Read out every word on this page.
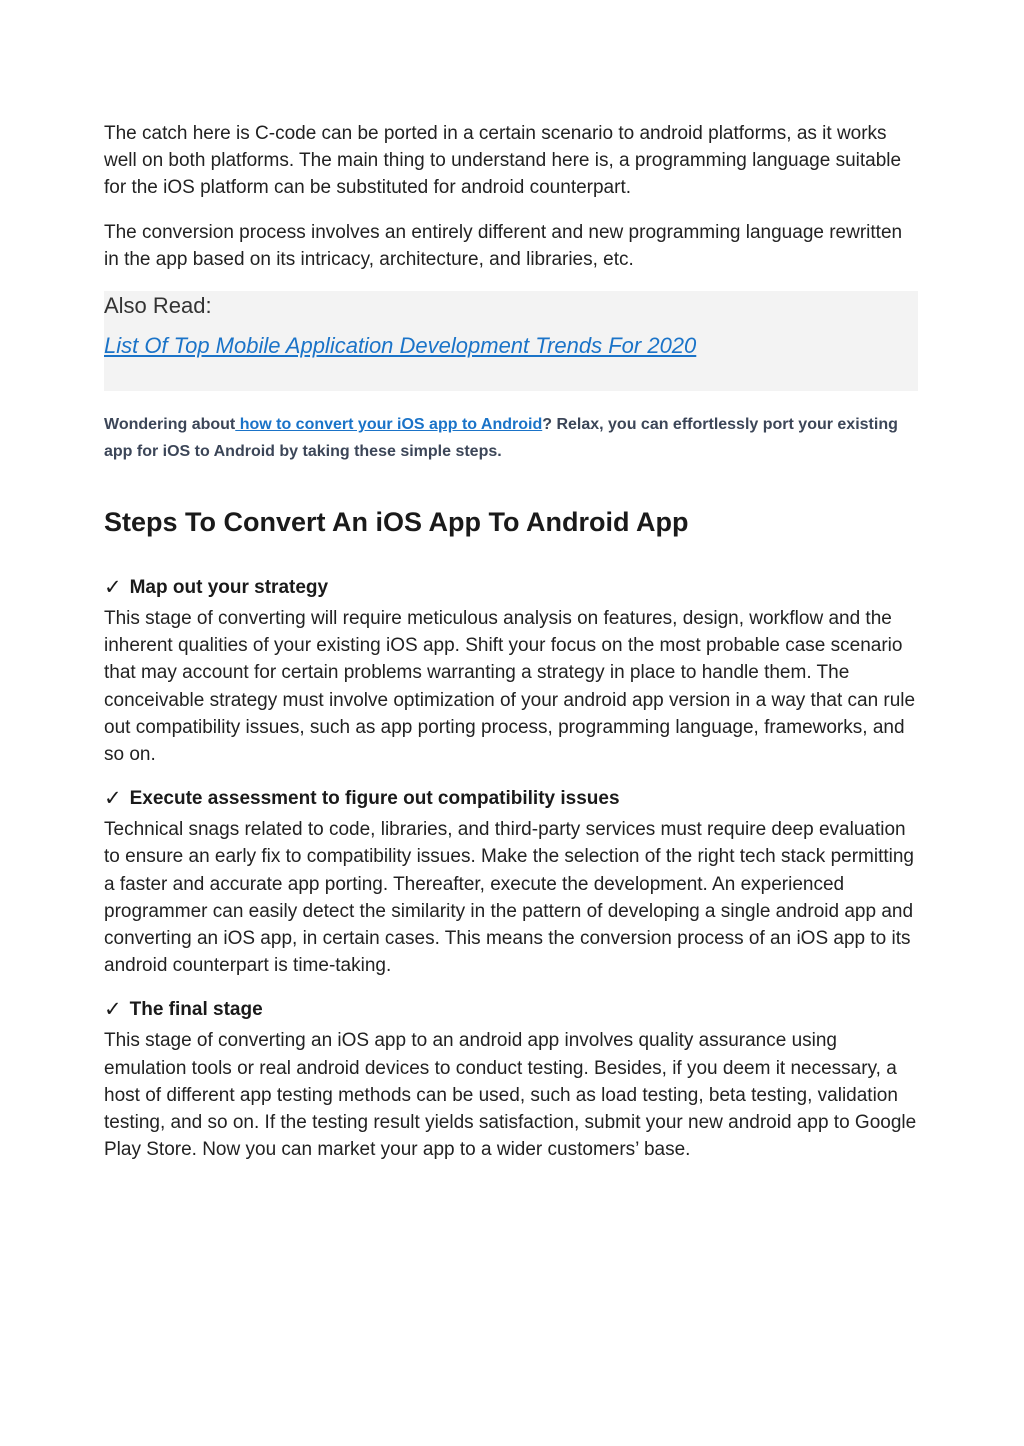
The catch here is C-code can be ported in a certain scenario to android platforms, as it works well on both platforms. The main thing to understand here is, a programming language suitable for the iOS platform can be substituted for android counterpart.

The conversion process involves an entirely different and new programming language rewritten in the app based on its intricacy, architecture, and libraries, etc.

Also Read:

List Of Top Mobile Application Development Trends For 2020

Wondering about how to convert your iOS app to Android? Relax, you can effortlessly port your existing app for iOS to Android by taking these simple steps.

Steps To Convert An iOS App To Android App
✓ Map out your strategy

This stage of converting will require meticulous analysis on features, design, workflow and the inherent qualities of your existing iOS app. Shift your focus on the most probable case scenario that may account for certain problems warranting a strategy in place to handle them. The conceivable strategy must involve optimization of your android app version in a way that can rule out compatibility issues, such as app porting process, programming language, frameworks, and so on.

✓ Execute assessment to figure out compatibility issues

Technical snags related to code, libraries, and third-party services must require deep evaluation to ensure an early fix to compatibility issues. Make the selection of the right tech stack permitting a faster and accurate app porting. Thereafter, execute the development. An experienced programmer can easily detect the similarity in the pattern of developing a single android app and converting an iOS app, in certain cases. This means the conversion process of an iOS app to its android counterpart is time-taking.

✓ The final stage

This stage of converting an iOS app to an android app involves quality assurance using emulation tools or real android devices to conduct testing. Besides, if you deem it necessary, a host of different app testing methods can be used, such as load testing, beta testing, validation testing, and so on. If the testing result yields satisfaction, submit your new android app to Google Play Store. Now you can market your app to a wider customers’ base.
